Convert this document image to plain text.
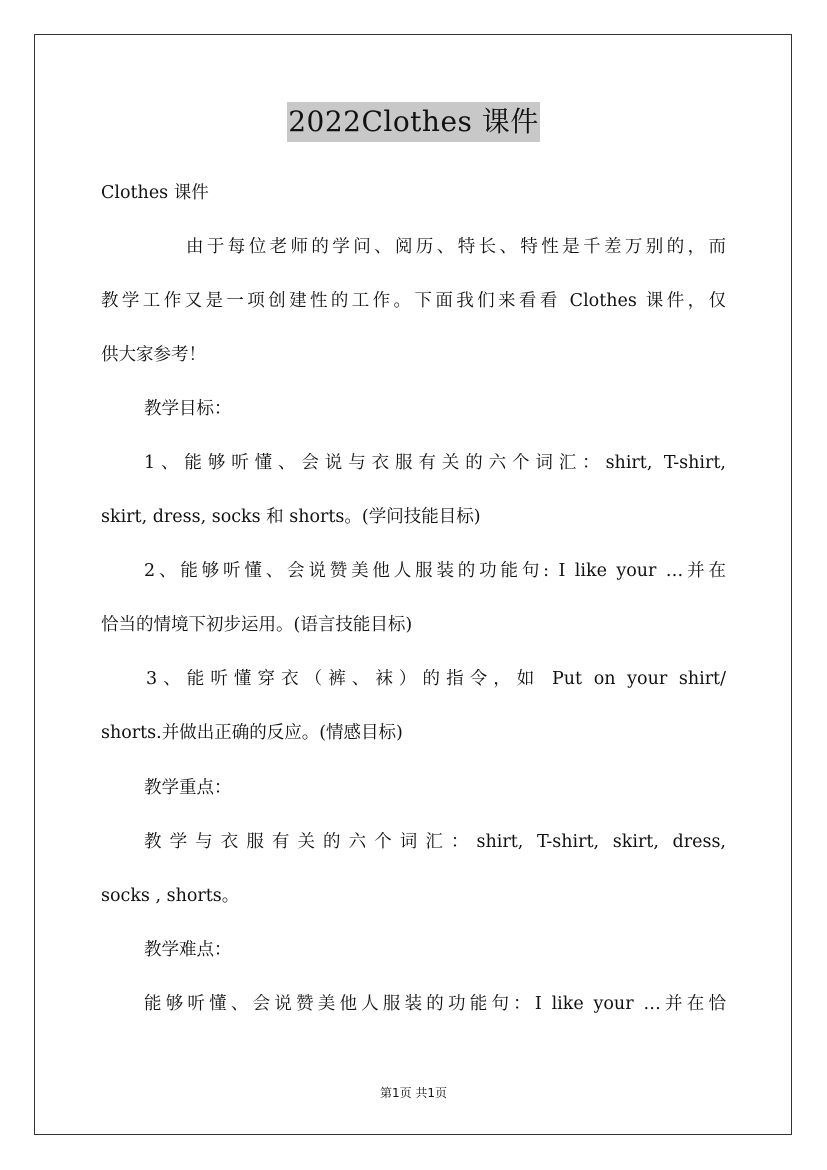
2022Clothes 课件
Clothes 课件
由于每位老师的学问、阅历、特长、特性是千差万别的，而
教学工作又是一项创建性的工作。下面我们来看看 Clothes 课件，仅
供大家参考！
教学目标：
1、能够听懂、会说与衣服有关的六个词汇：shirt, T-shirt,
skirt, dress, socks 和 shorts。(学问技能目标)
2、能够听懂、会说赞美他人服装的功能句: I like your …并在
恰当的情境下初步运用。(语言技能目标)
3、能听懂穿衣（裤、袜）的指令，如 Put on your shirt/
shorts.并做出正确的反应。(情感目标)
教学重点：
教学与衣服有关的六个词汇：shirt, T-shirt, skirt, dress,
socks , shorts。
教学难点：
能够听懂、会说赞美他人服装的功能句：I like your …并在恰
第1页 共1页
